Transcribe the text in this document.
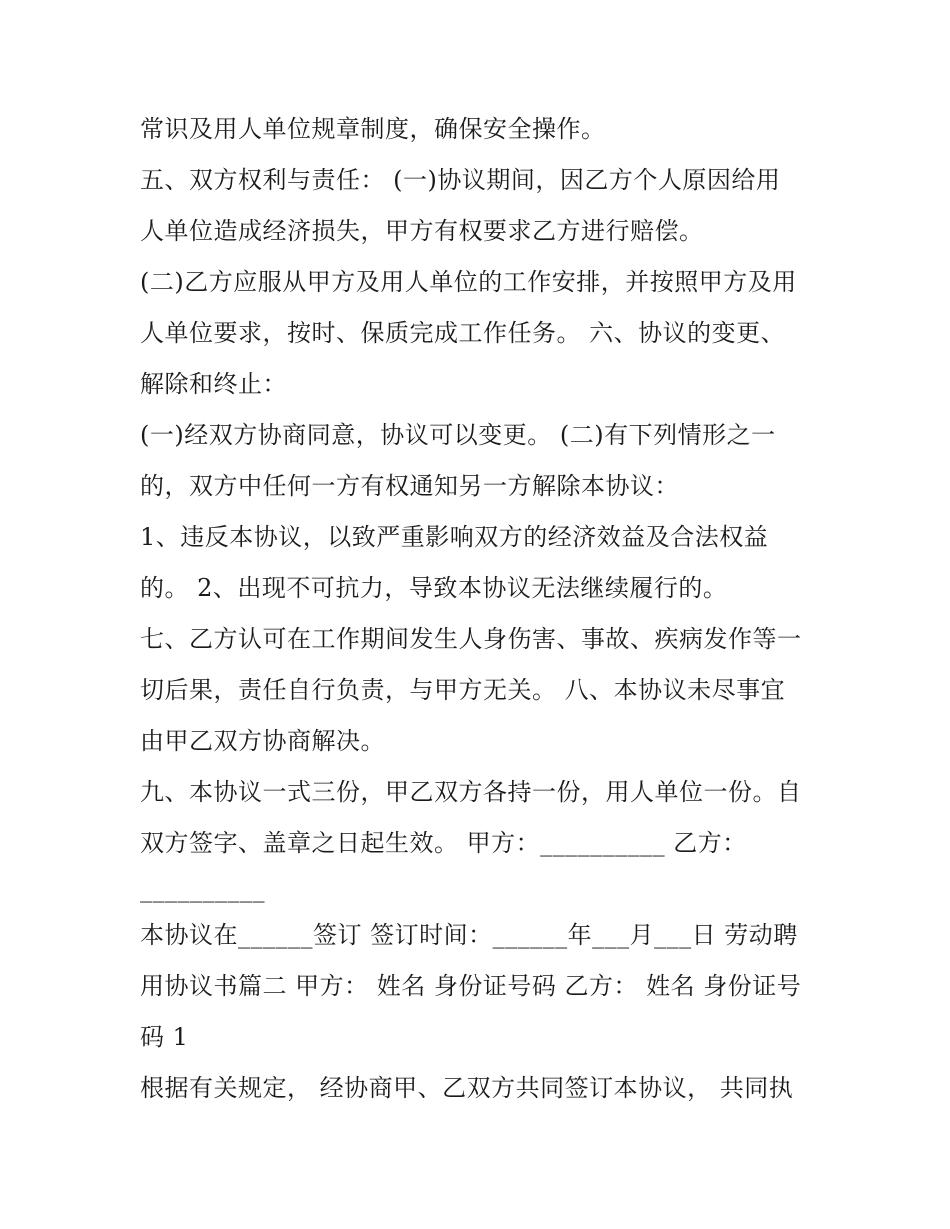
常识及用人单位规章制度，确保安全操作。
五、双方权利与责任： (一)协议期间，因乙方个人原因给用
人单位造成经济损失，甲方有权要求乙方进行赔偿。
(二)乙方应服从甲方及用人单位的工作安排，并按照甲方及用
人单位要求，按时、保质完成工作任务。 六、协议的变更、
解除和终止：
(一)经双方协商同意，协议可以变更。 (二)有下列情形之一
的，双方中任何一方有权通知另一方解除本协议：
1、违反本协议，以致严重影响双方的经济效益及合法权益
的。 2、出现不可抗力，导致本协议无法继续履行的。
七、乙方认可在工作期间发生人身伤害、事故、疾病发作等一
切后果，责任自行负责，与甲方无关。 八、本协议未尽事宜
由甲乙双方协商解决。
九、本协议一式三份，甲乙双方各持一份，用人单位一份。自
双方签字、盖章之日起生效。 甲方：__________ 乙方：
__________
本协议在______签订 签订时间：______年___月___日 劳动聘
用协议书篇二 甲方： 姓名 身份证号码 乙方： 姓名 身份证号
码 1
根据有关规定， 经协商甲、乙双方共同签订本协议， 共同执
